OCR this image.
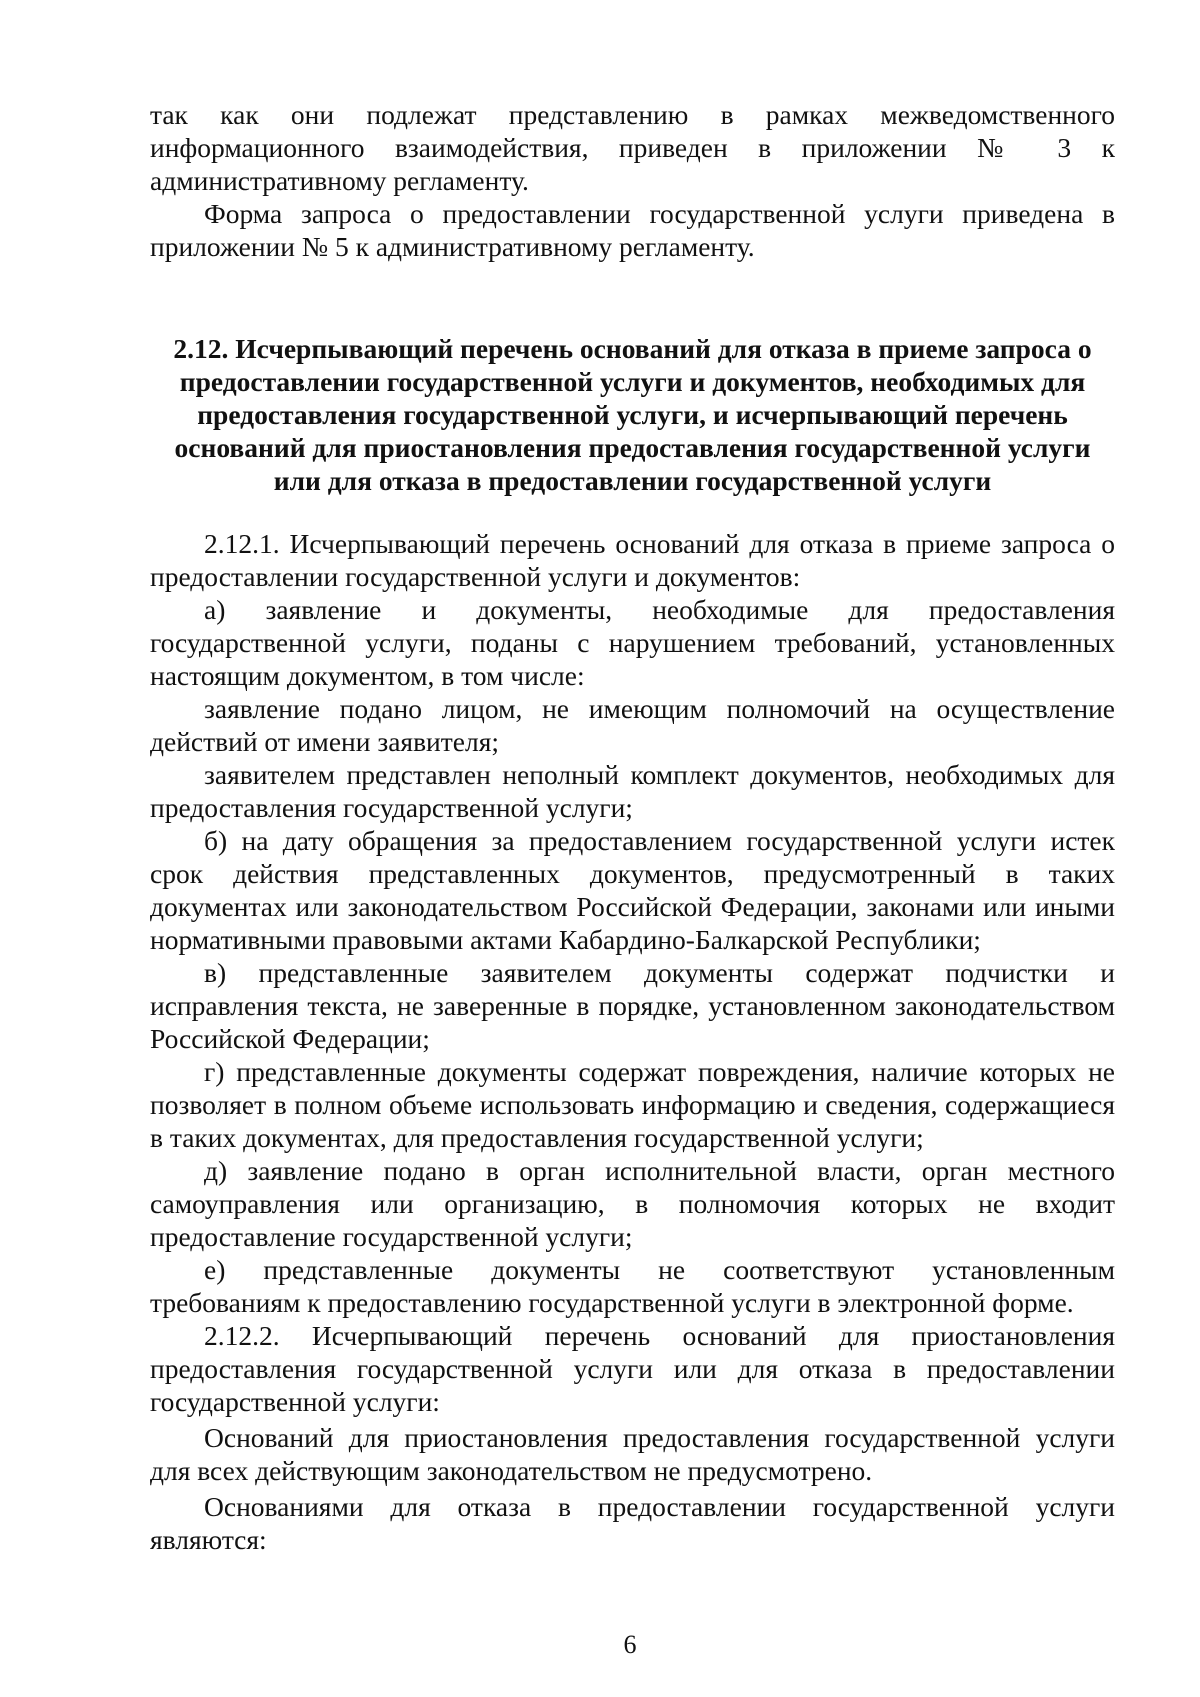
так как они подлежат представлению в рамках межведомственного информационного взаимодействия, приведен в приложении № 3 к административному регламенту.

Форма запроса о предоставлении государственной услуги приведена в приложении № 5 к административному регламенту.

2.12. Исчерпывающий перечень оснований для отказа в приеме запроса о предоставлении государственной услуги и документов, необходимых для предоставления государственной услуги, и исчерпывающий перечень оснований для приостановления предоставления государственной услуги или для отказа в предоставлении государственной услуги

2.12.1. Исчерпывающий перечень оснований для отказа в приеме запроса о предоставлении государственной услуги и документов:

а) заявление и документы, необходимые для предоставления государственной услуги, поданы с нарушением требований, установленных настоящим документом, в том числе:

заявление подано лицом, не имеющим полномочий на осуществление действий от имени заявителя;

заявителем представлен неполный комплект документов, необходимых для предоставления государственной услуги;

б) на дату обращения за предоставлением государственной услуги истек срок действия представленных документов, предусмотренный в таких документах или законодательством Российской Федерации, законами или иными нормативными правовыми актами Кабардино-Балкарской Республики;

в) представленные заявителем документы содержат подчистки и исправления текста, не заверенные в порядке, установленном законодательством Российской Федерации;

г) представленные документы содержат повреждения, наличие которых не позволяет в полном объеме использовать информацию и сведения, содержащиеся в таких документах, для предоставления государственной услуги;

д) заявление подано в орган исполнительной власти, орган местного самоуправления или организацию, в полномочия которых не входит предоставление государственной услуги;

е) представленные документы не соответствуют установленным требованиям к предоставлению государственной услуги в электронной форме.

2.12.2. Исчерпывающий перечень оснований для приостановления предоставления государственной услуги или для отказа в предоставлении государственной услуги:

Оснований для приостановления предоставления государственной услуги для всех действующим законодательством не предусмотрено.

Основаниями для отказа в предоставлении государственной услуги являются:

6
